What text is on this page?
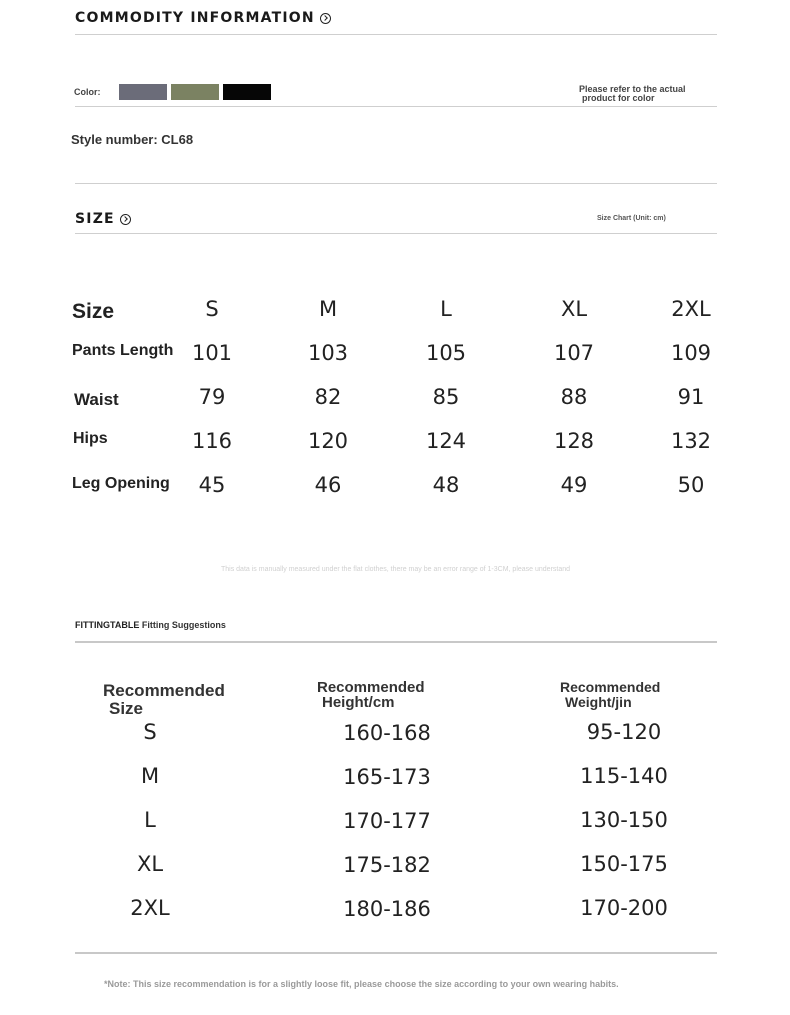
COMMODITY INFORMATION
Color:	Please refer to the actual
product for color
Style number: CL68
SIZE	Size Chart (Unit: cm)
Size	S	M	L	XL	2XL
Pants Length 101	103	105	107	109
Waist	79	82	85	88	91
Hips	116	120	124	128	132
Leg Opening	45	46	48	49	50
This data is manually measured under the flat clothes, there may be an error range of 1-3CM, please understand
FITTINGTABLE Fitting Suggestions
Recommended
Size
Recommended
Height/cm
Recommended
Weight/jin
S	160-168	95-120
M	165-173	115-140
L	170-177	130-150
XL	175-182	150-175
2XL	180-186	170-200
*Note: This size recommendation is for a slightly loose fit, please choose the size according to your own wearing habits.
